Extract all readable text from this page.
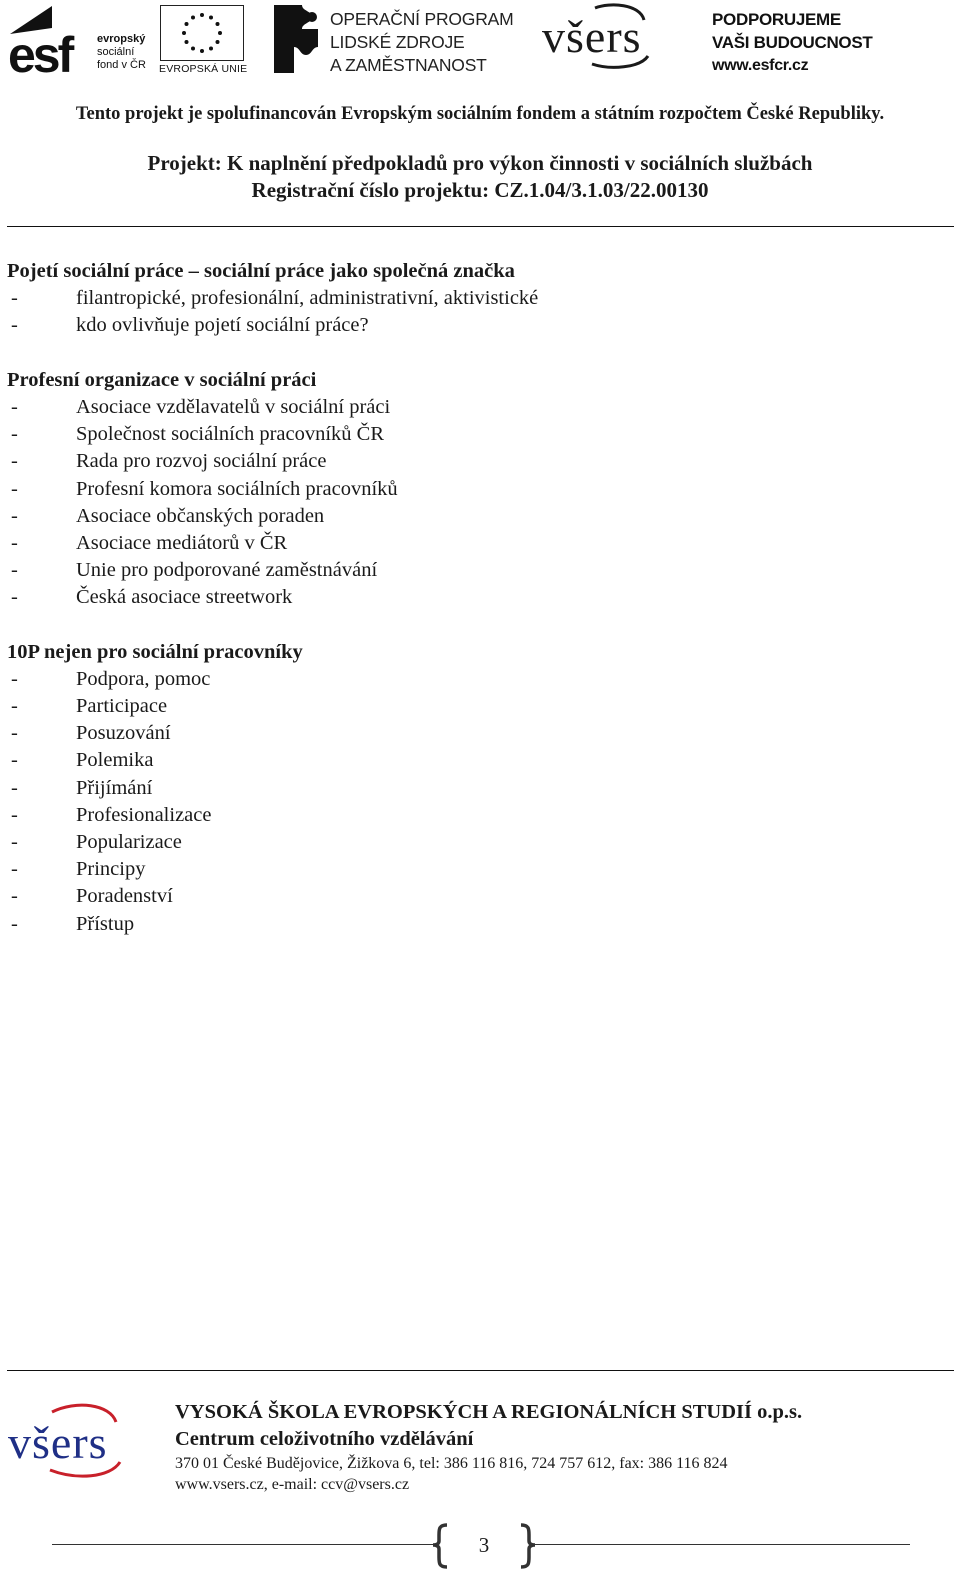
esf	evropský
sociální
fond v ČR EVROPSKÁ UNIE
OPERAČNÍ PROGRAM
LIDSKÉ ZDROJE
A ZAMĚSTNANOST
všers	PODPORUJEME
VAŠI BUDOUCNOST
www.esfcr.cz
Tento projekt je spolufinancován Evropským sociálním fondem a státním rozpočtem České Republiky.
Projekt: K naplnění předpokladů pro výkon činnosti v sociálních službách
Registrační číslo projektu: CZ.1.04/3.1.03/22.00130
Pojetí sociální práce – sociální práce jako společná značka
-	filantropické, profesionální, administrativní, aktivistické
-	kdo ovlivňuje pojetí sociální práce?
Profesní organizace v sociální práci
-	Asociace vzdělavatelů v sociální práci
-	Společnost sociálních pracovníků ČR
-	Rada pro rozvoj sociální práce
-	Profesní komora sociálních pracovníků
-	Asociace občanských poraden
-	Asociace mediátorů v ČR
-	Unie pro podporované zaměstnávání
-	Česká asociace streetwork
10P nejen pro sociální pracovníky
-	Podpora, pomoc
-	Participace
-	Posuzování
-	Polemika
-	Přijímání
-	Profesionalizace
-	Popularizace
-	Principy
-	Poradenství
-	Přístup
všers
VYSOKÁ ŠKOLA EVROPSKÝCH A REGIONÁLNÍCH STUDIÍ o.p.s.
Centrum celoživotního vzdělávání
370 01 České Budějovice, Žižkova 6, tel: 386 116 816, 724 757 612, fax: 386 116 824
www.vsers.cz, e-mail: ccv@vsers.cz
3
